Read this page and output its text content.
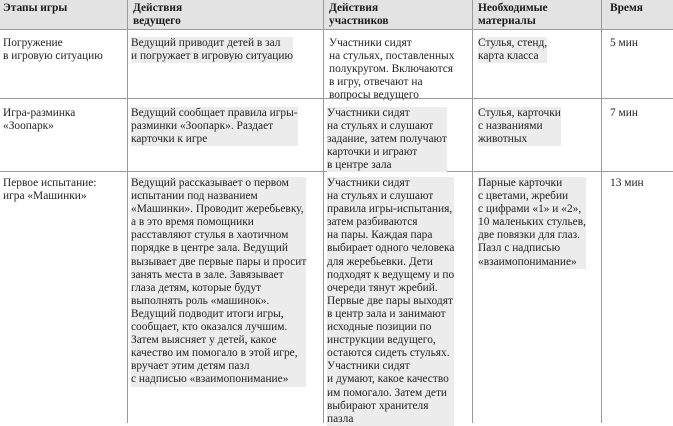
Этапы игры	Действия
ведущего
Действия
участников
Необходимые
материалы
Время
Погружение
в игровую ситуацию
Ведущий приводит детей в зал
и погружает в игровую ситуацию
Участники сидят
на стульях, поставленных
полукругом. Включаются
в игру, отвечают на
вопросы ведущего
Стулья, стенд,
карта класса
5 мин
Игра-разминка
«Зоопарк»
Ведущий сообщает правила игры-
разминки «Зоопарк». Раздает
карточки к игре
Участники сидят
на стульях и слушают
задание, затем получают
карточки и играют
в центре зала
Стулья, карточки
с названиями
животных
7 мин
Первое испытание:
игра «Машинки»
Ведущий рассказывает о первом
испытании под названием
«Машинки». Проводит жеребьевку,
а в это время помощники
расставляют стулья в хаотичном
порядке в центре зала. Ведущий
вызывает две первые пары и просит
занять места в зале. Завязывает
глаза детям, которые будут
выполнять роль «машинок».
Ведущий подводит итоги игры,
сообщает, кто оказался лучшим.
Затем выясняет у детей, какое
качество им помогало в этой игре,
вручает этим детям пазл
с надписью «взаимопонимание»
Участники сидят
на стульях и слушают
правила игры-испытания,
затем разбиваются
на пары. Каждая пара
выбирает одного человека
для жеребьевки. Дети
подходят к ведущему и по
очереди тянут жребий.
Первые две пары выходят
в центр зала и занимают
исходные позиции по
инструкции ведущего,
остаются сидеть стульях.
Участники сидят
и думают, какое качество
им помогало. Затем дети
выбирают хранителя
пазла
Парные карточки
с цветами, жребии
с цифрами «1» и «2»,
10 маленьких стульев,
две повязки для глаз.
Пазл с надписью
«взаимопонимание»
13 мин
